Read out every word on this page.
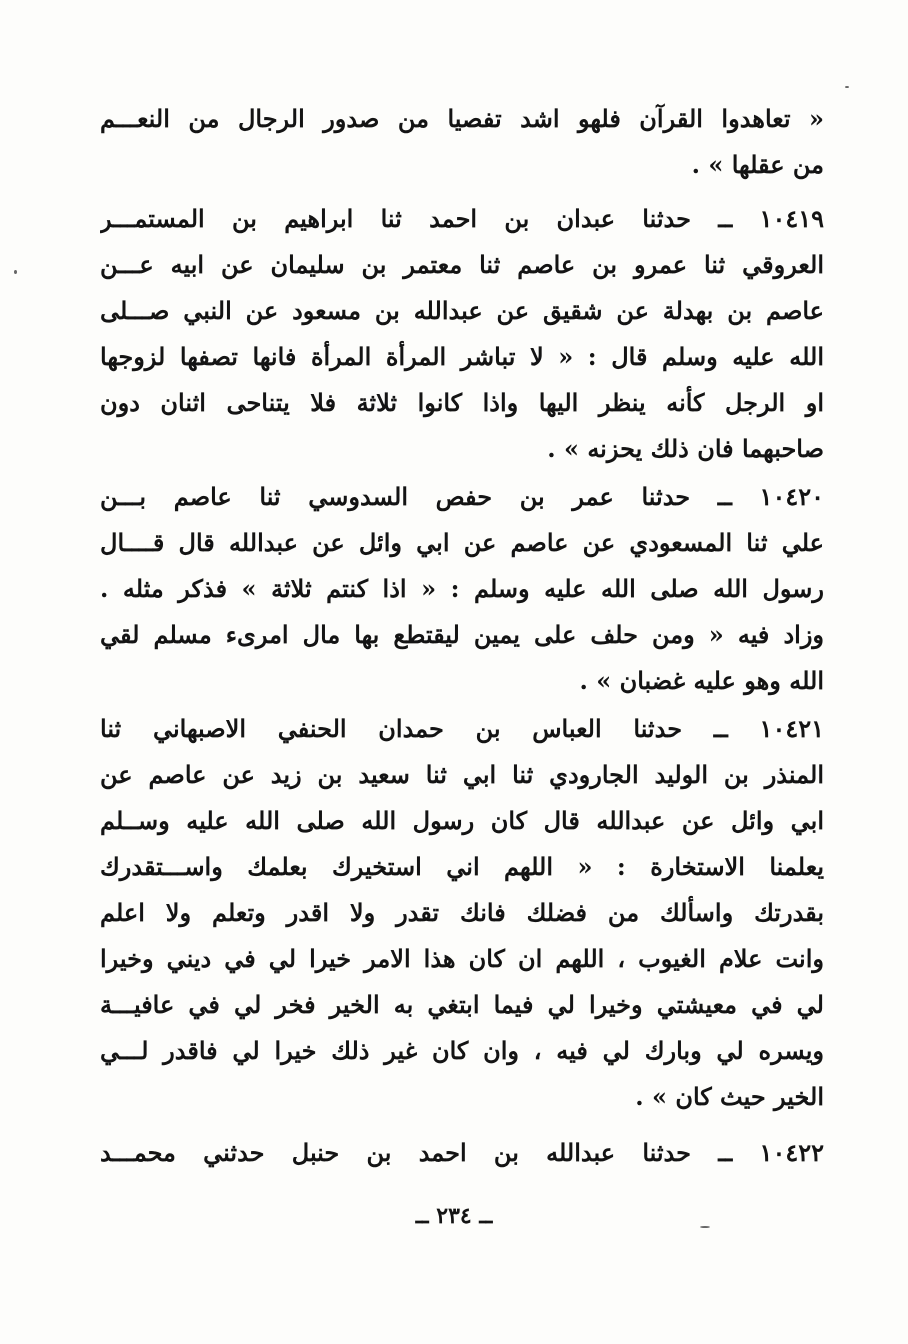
« تعاهدوا القرآن فلهو اشد تفصيا من صدور الرجال من النعـــم
من عقلها » .
١٠٤١٩ ــ حدثنا عبدان بن احمد ثنا ابراهيم بن المستمـــر
العروقي ثنا عمرو بن عاصم ثنا معتمر بن سليمان عن ابيه عـــن
عاصم بن بهدلة عن شقيق عن عبدالله بن مسعود عن النبي صـــلى
الله عليه وسلم قال : « لا تباشر المرأة المرأة فانها تصفها لزوجها
او الرجل كأنه ينظر اليها واذا كانوا ثلاثة فلا يتناحى اثنان دون
صاحبهما فان ذلك يحزنه » .
١٠٤٢٠ ــ حدثنا عمر بن حفص السدوسي ثنا عاصم بـــن
علي ثنا المسعودي عن عاصم عن ابي وائل عن عبدالله قال قــــال
رسول الله صلى الله عليه وسلم : « اذا كنتم ثلاثة » فذكر مثله .
وزاد فيه « ومن حلف على يمين ليقتطع بها مال امرىء مسلم لقي
الله وهو عليه غضبان » .
١٠٤٢١ ــ حدثنا العباس بن حمدان الحنفي الاصبهاني ثنا
المنذر بن الوليد الجارودي ثنا ابي ثنا سعيد بن زيد عن عاصم عن
ابي وائل عن عبدالله قال كان رسول الله صلى الله عليه وســلم
يعلمنا الاستخارة : « اللهم اني استخيرك بعلمك واســـتقدرك
بقدرتك واسألك من فضلك فانك تقدر ولا اقدر وتعلم ولا اعلم
وانت علام الغيوب ، اللهم ان كان هذا الامر خيرا لي في ديني وخيرا
لي في معيشتي وخيرا لي فيما ابتغي به الخير فخر لي في عافيـــة
ويسره لي وبارك لي فيه ، وان كان غير ذلك خيرا لي فاقدر لـــي
الخير حيث كان » .
١٠٤٢٢ ــ حدثنا عبدالله بن احمد بن حنبل حدثني محمـــد
ــ ٢٣٤ ــ
